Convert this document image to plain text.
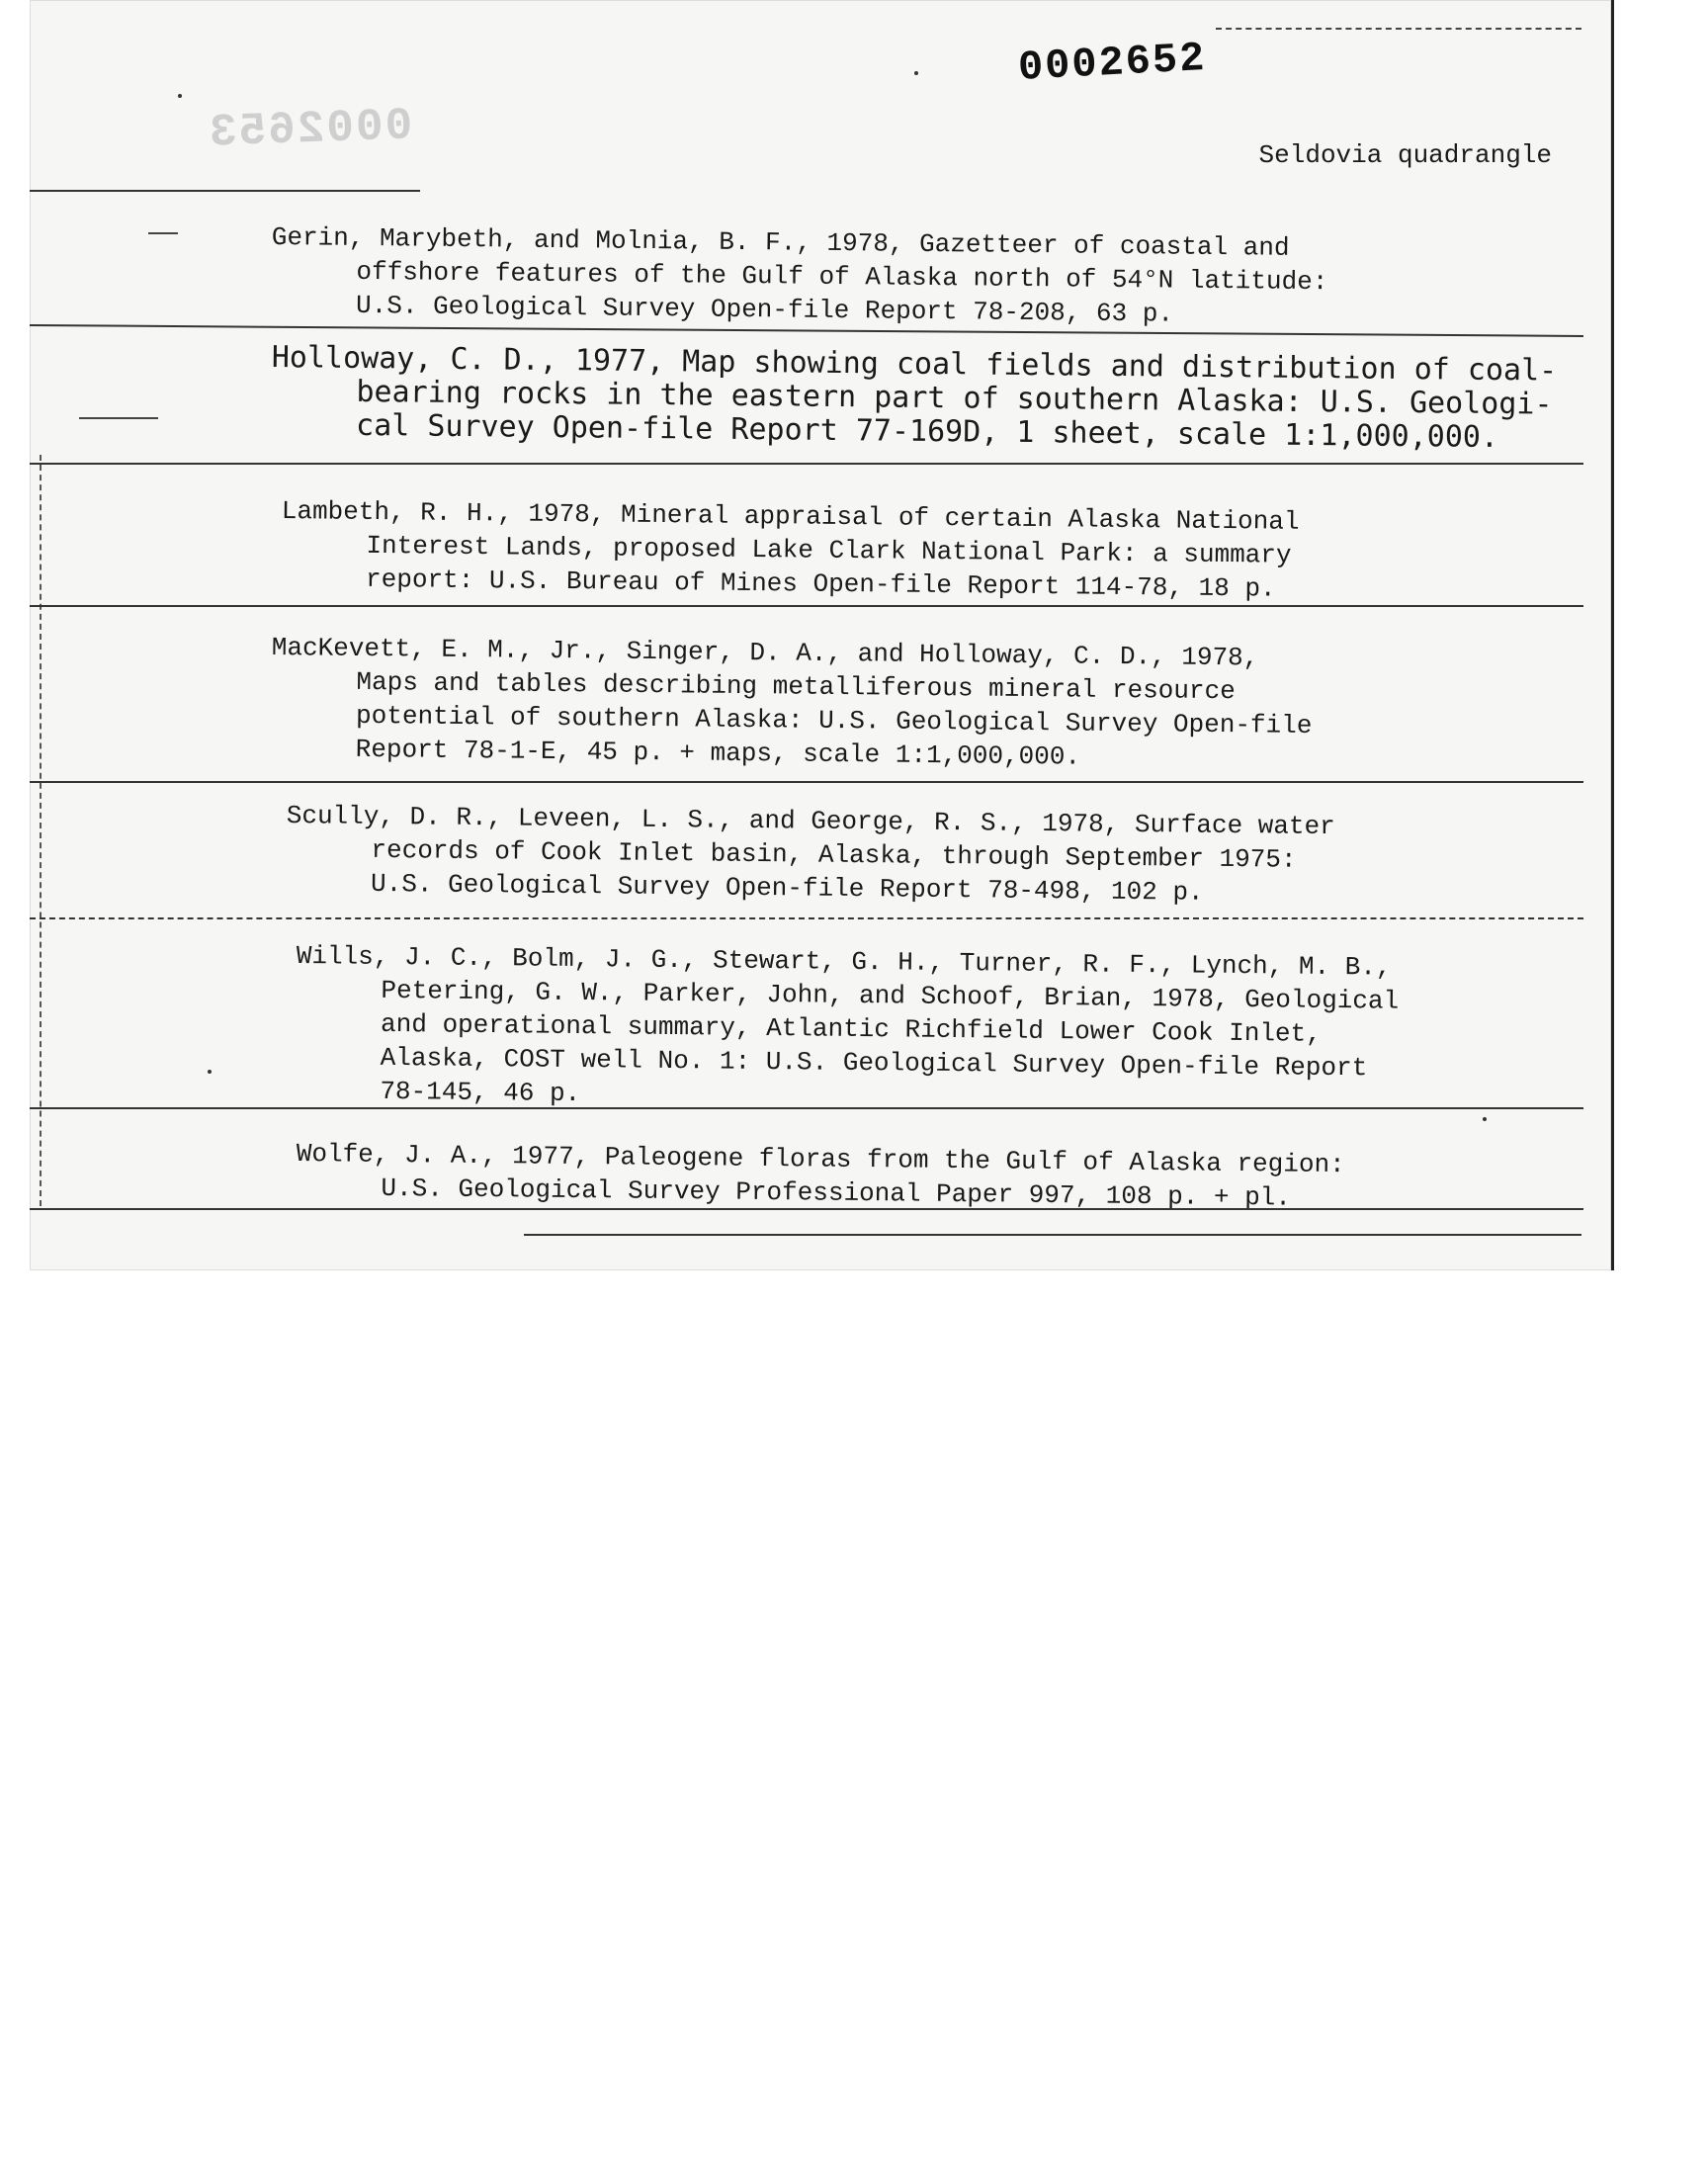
0002653
0002652
Seldovia quadrangle
Gerin, Marybeth, and Molnia, B. F., 1978, Gazetteer of coastal and
offshore features of the Gulf of Alaska north of 54°N latitude:
U.S. Geological Survey Open-file Report 78-208, 63 p.
Holloway, C. D., 1977, Map showing coal fields and distribution of coal-
bearing rocks in the eastern part of southern Alaska: U.S. Geologi-
cal Survey Open-file Report 77-169D, 1 sheet, scale 1:1,000,000.
Lambeth, R. H., 1978, Mineral appraisal of certain Alaska National
Interest Lands, proposed Lake Clark National Park: a summary
report: U.S. Bureau of Mines Open-file Report 114-78, 18 p.
MacKevett, E. M., Jr., Singer, D. A., and Holloway, C. D., 1978,
Maps and tables describing metalliferous mineral resource
potential of southern Alaska: U.S. Geological Survey Open-file
Report 78-1-E, 45 p. + maps, scale 1:1,000,000.
Scully, D. R., Leveen, L. S., and George, R. S., 1978, Surface water
records of Cook Inlet basin, Alaska, through September 1975:
U.S. Geological Survey Open-file Report 78-498, 102 p.
Wills, J. C., Bolm, J. G., Stewart, G. H., Turner, R. F., Lynch, M. B.,
Petering, G. W., Parker, John, and Schoof, Brian, 1978, Geological
and operational summary, Atlantic Richfield Lower Cook Inlet,
Alaska, COST well No. 1: U.S. Geological Survey Open-file Report
78-145, 46 p.
Wolfe, J. A., 1977, Paleogene floras from the Gulf of Alaska region:
U.S. Geological Survey Professional Paper 997, 108 p. + pl.
